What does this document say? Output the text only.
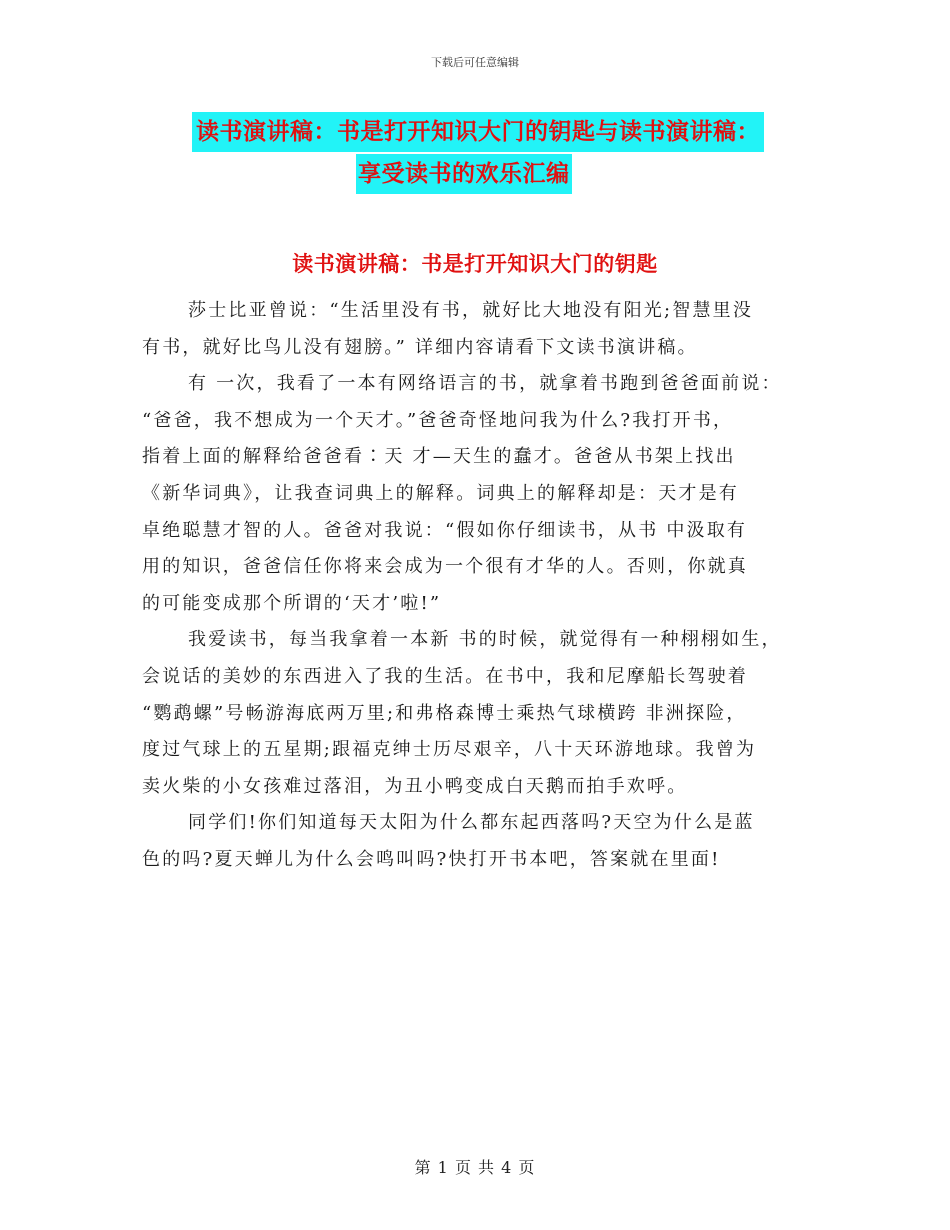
下载后可任意编辑
读书演讲稿：书是打开知识大门的钥匙与读书演讲稿：
享受读书的欢乐汇编
读书演讲稿：书是打开知识大门的钥匙
莎士比亚曾说：“生活里没有书，就好比大地没有阳光;智慧里没
有书，就好比鸟儿没有翅膀。” 详细内容请看下文读书演讲稿。
有 一次，我看了一本有网络语言的书，就拿着书跑到爸爸面前说：
“爸爸，我不想成为一个天才。”爸爸奇怪地问我为什么?我打开书，
指着上面的解释给爸爸看∶天 才—天生的蠢才。爸爸从书架上找出
《新华词典》，让我查词典上的解释。词典上的解释却是：天才是有
卓绝聪慧才智的人。爸爸对我说：“假如你仔细读书，从书 中汲取有
用的知识，爸爸信任你将来会成为一个很有才华的人。否则，你就真
的可能变成那个所谓的‘天才’啦!”
我爱读书，每当我拿着一本新 书的时候，就觉得有一种栩栩如生，
会说话的美妙的东西进入了我的生活。在书中，我和尼摩船长驾驶着
“鹦鹉螺”号畅游海底两万里;和弗格森博士乘热气球横跨 非洲探险，
度过气球上的五星期;跟福克绅士历尽艰辛，八十天环游地球。我曾为
卖火柴的小女孩难过落泪，为丑小鸭变成白天鹅而拍手欢呼。
同学们!你们知道每天太阳为什么都东起西落吗?天空为什么是蓝
色的吗?夏天蝉儿为什么会鸣叫吗?快打开书本吧，答案就在里面!
第 1 页 共 4 页
